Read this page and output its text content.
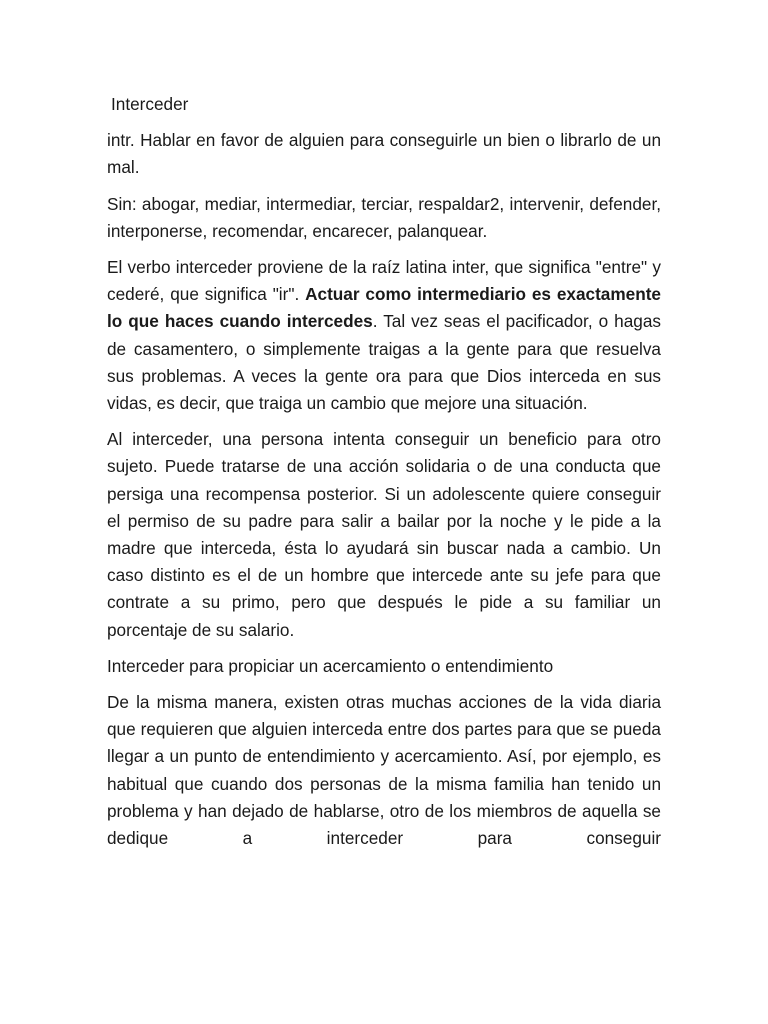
Interceder

intr. Hablar en favor de alguien para conseguirle un bien o librarlo de un mal.

Sin: abogar, mediar, intermediar, terciar, respaldar2, intervenir, defender, interponerse, recomendar, encarecer, palanquear.

El verbo interceder proviene de la raíz latina inter, que significa "entre" y cederé, que significa "ir". Actuar como intermediario es exactamente lo que haces cuando intercedes. Tal vez seas el pacificador, o hagas de casamentero, o simplemente traigas a la gente para que resuelva sus problemas. A veces la gente ora para que Dios interceda en sus vidas, es decir, que traiga un cambio que mejore una situación.

Al interceder, una persona intenta conseguir un beneficio para otro sujeto. Puede tratarse de una acción solidaria o de una conducta que persiga una recompensa posterior. Si un adolescente quiere conseguir el permiso de su padre para salir a bailar por la noche y le pide a la madre que interceda, ésta lo ayudará sin buscar nada a cambio. Un caso distinto es el de un hombre que intercede ante su jefe para que contrate a su primo, pero que después le pide a su familiar un porcentaje de su salario.

Interceder para propiciar un acercamiento o entendimiento

De la misma manera, existen otras muchas acciones de la vida diaria que requieren que alguien interceda entre dos partes para que se pueda llegar a un punto de entendimiento y acercamiento. Así, por ejemplo, es habitual que cuando dos personas de la misma familia han tenido un problema y han dejado de hablarse, otro de los miembros de aquella se dedique a interceder para conseguir
